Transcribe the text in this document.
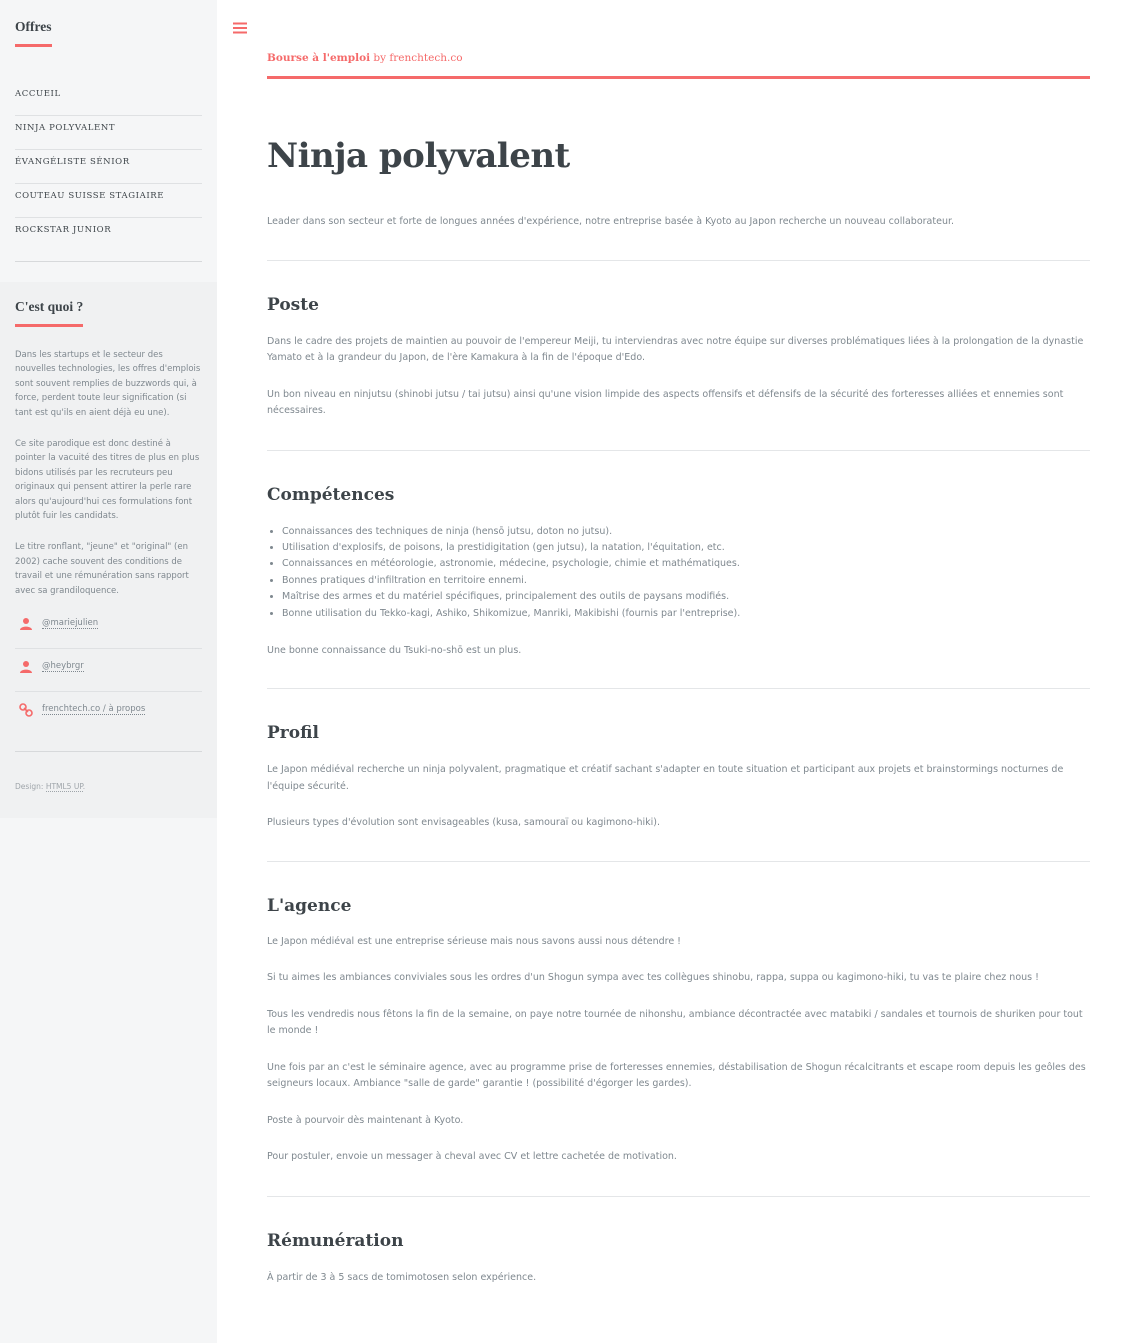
Offres
ACCUEIL
NINJA POLYVALENT
ÉVANGÉLISTE SÉNIOR
COUTEAU SUISSE STAGIAIRE
ROCKSTAR JUNIOR
C'est quoi ?

Dans les startups et le secteur des nouvelles technologies, les offres d'emplois sont souvent remplies de buzzwords qui, à force, perdent toute leur signification (si tant est qu'ils en aient déjà eu une).

Ce site parodique est donc destiné à pointer la vacuité des titres de plus en plus bidons utilisés par les recruteurs peu originaux qui pensent attirer la perle rare alors qu'aujourd'hui ces formulations font plutôt fuir les candidats.

Le titre ronflant, "jeune" et "original" (en 2002) cache souvent des conditions de travail et une rémunération sans rapport avec sa grandiloquence.

@mariejulien
@heybrgr
frenchtech.co / à propos
Design: HTML5 UP.
Bourse à l'emploi by frenchtech.co
Ninja polyvalent

Leader dans son secteur et forte de longues années d'expérience, notre entreprise basée à Kyoto au Japon recherche un nouveau collaborateur.

Poste

Dans le cadre des projets de maintien au pouvoir de l'empereur Meiji, tu interviendras avec notre équipe sur diverses problématiques liées à la prolongation de la dynastie Yamato et à la grandeur du Japon, de l'ère Kamakura à la fin de l'époque d'Edo.

Un bon niveau en ninjutsu (shinobi jutsu / tai jutsu) ainsi qu'une vision limpide des aspects offensifs et défensifs de la sécurité des forteresses alliées et ennemies sont nécessaires.

Compétences
• Connaissances des techniques de ninja (hensō jutsu, doton no jutsu).
• Utilisation d'explosifs, de poisons, la prestidigitation (gen jutsu), la natation, l'équitation, etc.
• Connaissances en météorologie, astronomie, médecine, psychologie, chimie et mathématiques.
• Bonnes pratiques d'infiltration en territoire ennemi.
• Maîtrise des armes et du matériel spécifiques, principalement des outils de paysans modifiés.
• Bonne utilisation du Tekko-kagi, Ashiko, Shikomizue, Manriki, Makibishi (fournis par l'entreprise).

Une bonne connaissance du Tsuki-no-shō est un plus.

Profil

Le Japon médiéval recherche un ninja polyvalent, pragmatique et créatif sachant s'adapter en toute situation et participant aux projets et brainstormings nocturnes de l'équipe sécurité.

Plusieurs types d'évolution sont envisageables (kusa, samouraï ou kagimono-hiki).

L'agence

Le Japon médiéval est une entreprise sérieuse mais nous savons aussi nous détendre !

Si tu aimes les ambiances conviviales sous les ordres d'un Shogun sympa avec tes collègues shinobu, rappa, suppa ou kagimono-hiki, tu vas te plaire chez nous !

Tous les vendredis nous fêtons la fin de la semaine, on paye notre tournée de nihonshu, ambiance décontractée avec matabiki / sandales et tournois de shuriken pour tout le monde !

Une fois par an c'est le séminaire agence, avec au programme prise de forteresses ennemies, déstabilisation de Shogun récalcitrants et escape room depuis les geôles des seigneurs locaux. Ambiance "salle de garde" garantie ! (possibilité d'égorger les gardes).

Poste à pourvoir dès maintenant à Kyoto.

Pour postuler, envoie un messager à cheval avec CV et lettre cachetée de motivation.

Rémunération

À partir de 3 à 5 sacs de tomimotosen selon expérience.
